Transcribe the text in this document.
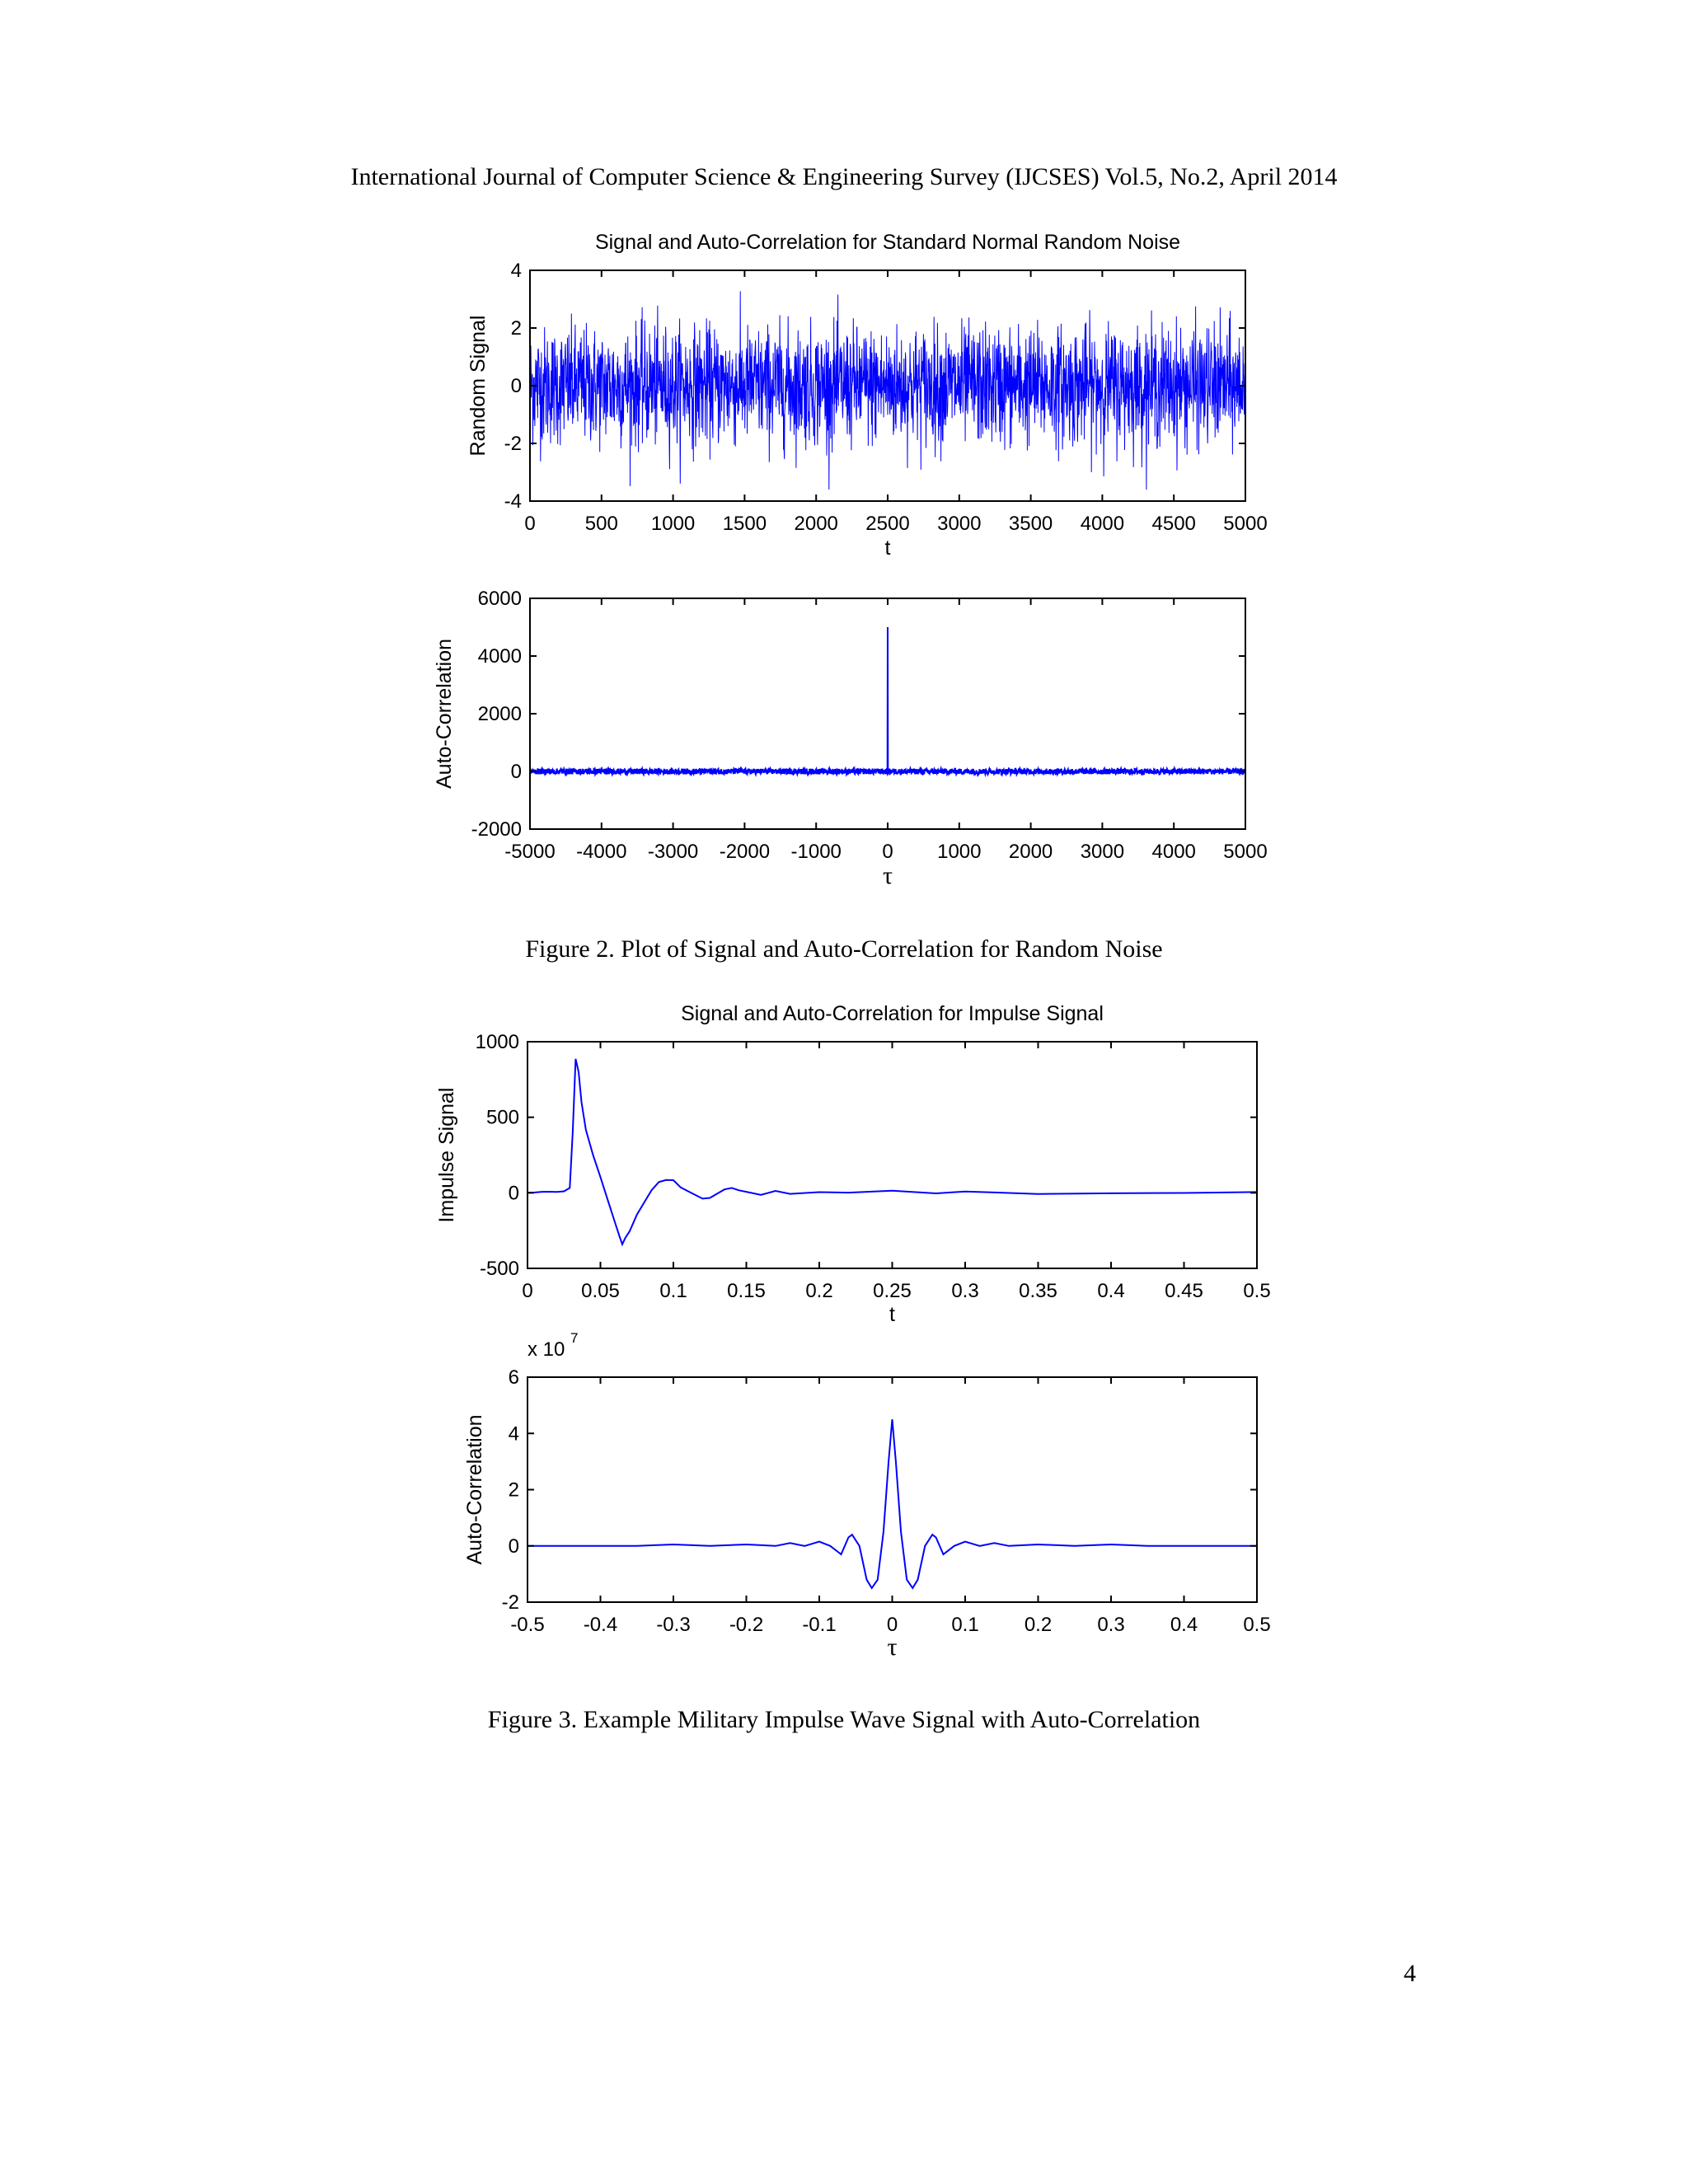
International Journal of Computer Science & Engineering Survey (IJCSES) Vol.5, No.2, April 2014
0	500 1000 1500 2000 2500 3000 3500 4000 4500 5000
4
2
0
-2
-4
Signal and Auto-Correlation for Standard Normal Random Noise
t
Random Signal
-5000 -4000 -3000 -2000 -1000 0 1000 2000 3000 4000 5000
6000
4000
2000
0
-2000
τ
Auto-Correlation
0 0.05 0.1 0.15 0.2 0.25 0.3 0.35 0.4 0.45 0.5
1000
500
0
-500
Signal and Auto-Correlation for Impulse Signal
t
Impulse Signal
-0.5 -0.4 -0.3 -0.2 -0.1	0	0.1 0.2 0.3 0.4 0.5
6
4
2
0
-2
τ
Auto-Correlation
x 10
7
Figure 2. Plot of Signal and Auto-Correlation for Random Noise
Figure 3. Example Military Impulse Wave Signal with Auto-Correlation
4
